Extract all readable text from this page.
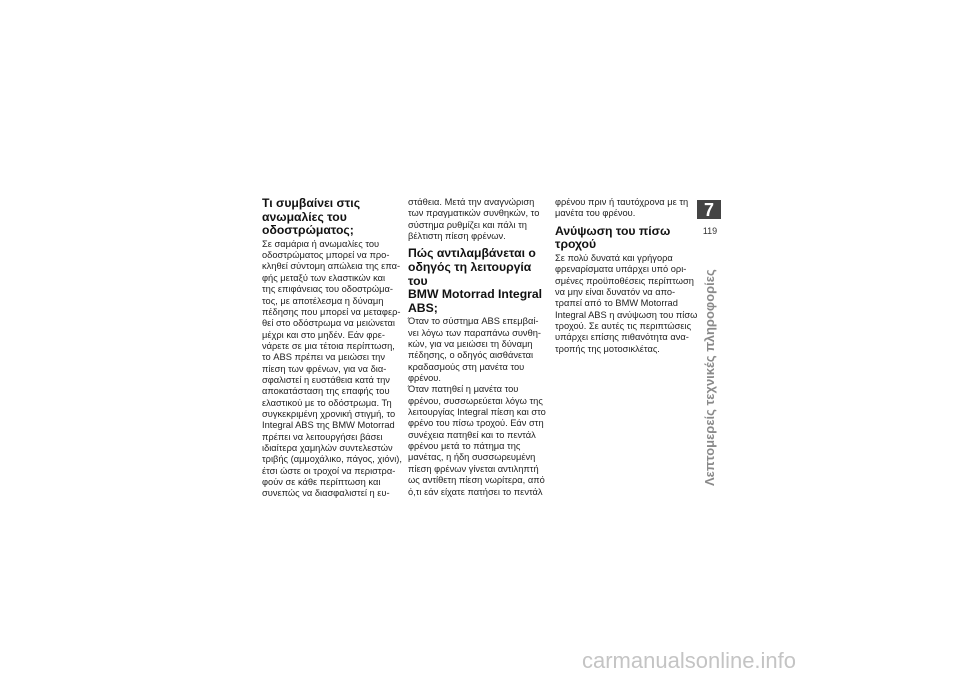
Τι συμβαίνει στις
ανωμαλίες του
οδοστρώματος;

Σε σαμάρια ή ανωμαλίες του

οδοστρώματος μπορεί να προ-

κληθεί σύντομη απώλεια της επα-

φής μεταξύ των ελαστικών και

της επιφάνειας του οδοστρώμα-

τος, με αποτέλεσμα η δύναμη

πέδησης που μπορεί να μεταφερ-

θεί στο οδόστρωμα να μειώνεται

μέχρι και στο μηδέν. Εάν φρε-

νάρετε σε μια τέτοια περίπτωση,

το ABS πρέπει να μειώσει την

πίεση των φρένων, για να δια-

σφαλιστεί η ευστάθεια κατά την

αποκατάσταση της επαφής του

ελαστικού με το οδόστρωμα. Τη

συγκεκριμένη χρονική στιγμή, το

Integral ABS της BMW Motorrad

πρέπει να λειτουργήσει βάσει

ιδιαίτερα χαμηλών συντελεστών

τριβής (αμμοχάλικο, πάγος, χιόνι),

έτσι ώστε οι τροχοί να περιστρα-

φούν σε κάθε περίπτωση και

συνεπώς να διασφαλιστεί η ευ-

στάθεια. Μετά την αναγνώριση

των πραγματικών συνθηκών, το

σύστημα ρυθμίζει και πάλι τη

βέλτιστη πίεση φρένων.

Πώς αντιλαμβάνεται ο
οδηγός τη λειτουργία του
BMW Motorrad Integral
ABS;

Όταν το σύστημα ABS επεμβαί-

νει λόγω των παραπάνω συνθη-

κών, για να μειώσει τη δύναμη

πέδησης, ο οδηγός αισθάνεται

κραδασμούς στη μανέτα του

φρένου.

Όταν πατηθεί η μανέτα του

φρένου, συσσωρεύεται λόγω της

λειτουργίας Integral πίεση και στο

φρένο του πίσω τροχού. Εάν στη

συνέχεια πατηθεί και το πεντάλ

φρένου μετά το πάτημα της

μανέτας, η ήδη συσσωρευμένη

πίεση φρένων γίνεται αντιληπτή

ως αντίθετη πίεση νωρίτερα, από

ό,τι εάν είχατε πατήσει το πεντάλ

φρένου πριν ή ταυτόχρονα με τη

μανέτα του φρένου.

Ανύψωση του πίσω
τροχού

Σε πολύ δυνατά και γρήγορα

φρεναρίσματα υπάρχει υπό ορι-

σμένες προϋποθέσεις περίπτωση

να μην είναι δυνατόν να απο-

τραπεί από το BMW Motorrad

Integral ABS η ανύψωση του πίσω

τροχού. Σε αυτές τις περιπτώσεις

υπάρχει επίσης πιθανότητα ανα-

τροπής της μοτοσικλέτας.

7
119
Λεπτομερείς τεχνικές πληροφορίες
carmanualsonline.info
